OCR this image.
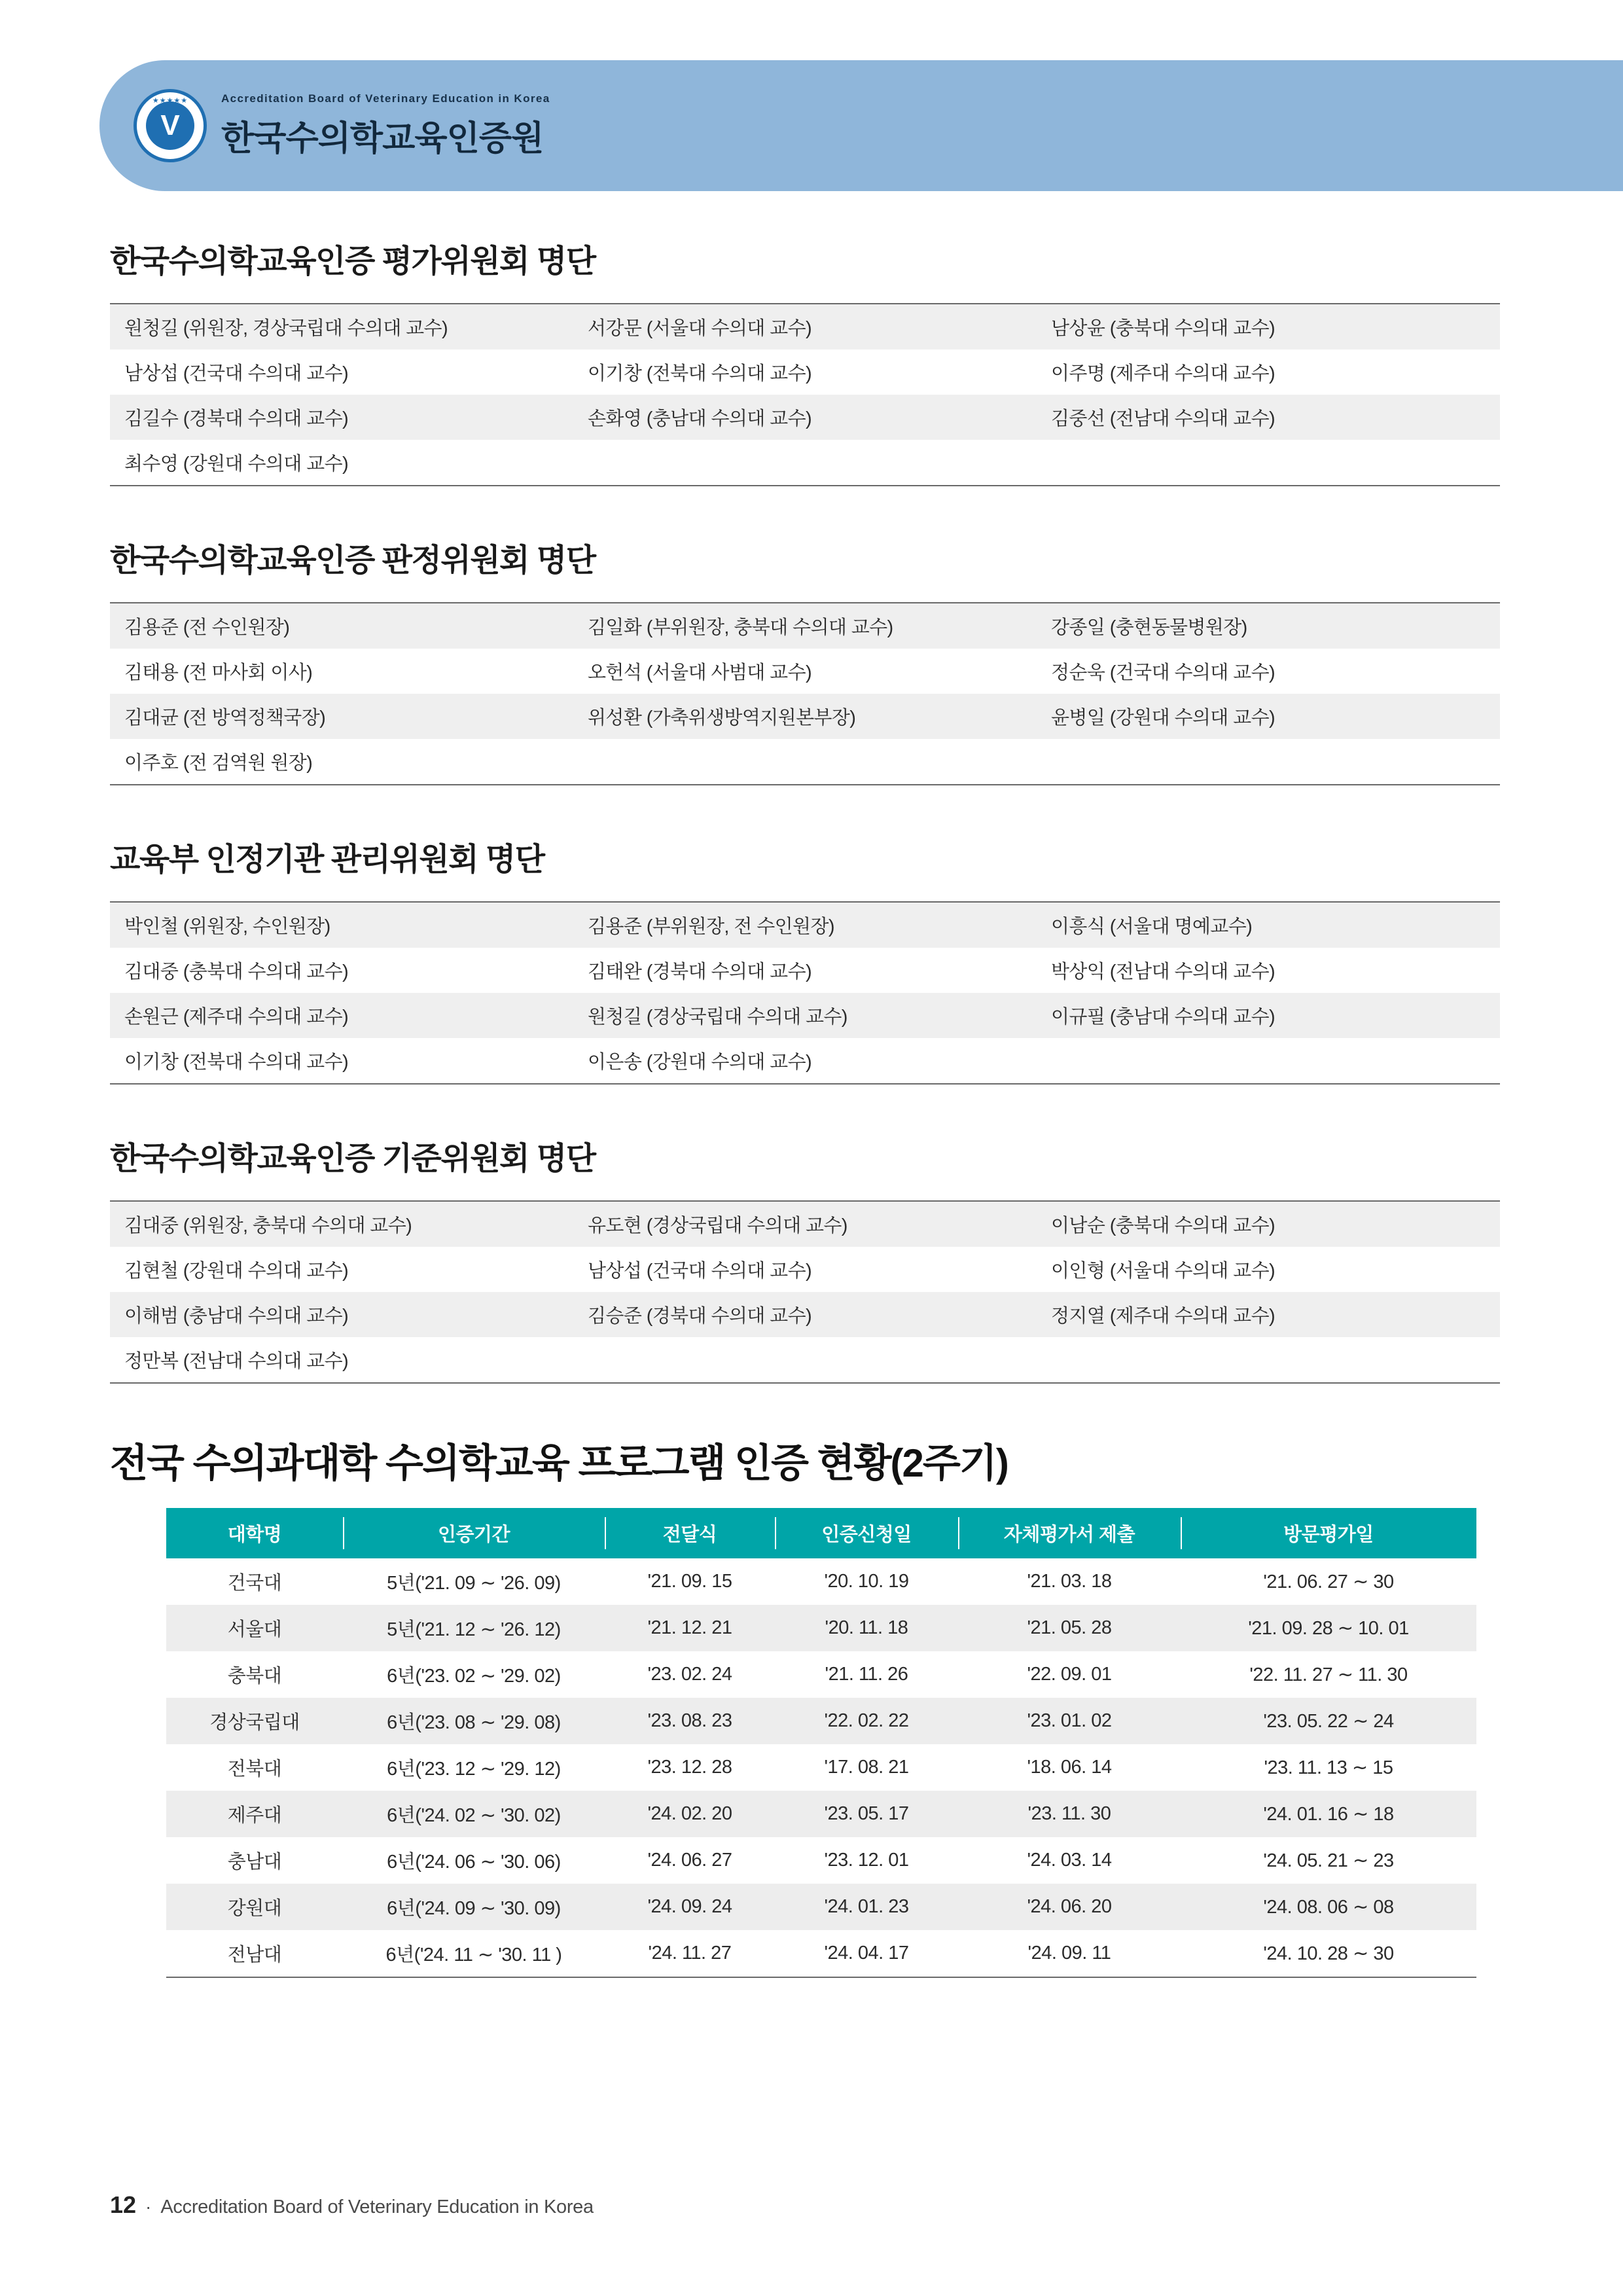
★★★★★
V
Accreditation Board of Veterinary Education in Korea
한국수의학교육인증원
한국수의학교육인증 평가위원회 명단
원청길 (위원장, 경상국립대 수의대 교수)	서강문 (서울대 수의대 교수)	남상윤 (충북대 수의대 교수)
남상섭 (건국대 수의대 교수)	이기창 (전북대 수의대 교수)	이주명 (제주대 수의대 교수)
김길수 (경북대 수의대 교수)	손화영 (충남대 수의대 교수)	김중선 (전남대 수의대 교수)
최수영 (강원대 수의대 교수)		
한국수의학교육인증 판정위원회 명단
김용준 (전 수인원장)	김일화 (부위원장, 충북대 수의대 교수)	강종일 (충현동물병원장)
김태용 (전 마사회 이사)	오헌석 (서울대 사범대 교수)	정순욱 (건국대 수의대 교수)
김대균 (전 방역정책국장)	위성환 (가축위생방역지원본부장)	윤병일 (강원대 수의대 교수)
이주호 (전 검역원 원장)		
교육부 인정기관 관리위원회 명단
박인철 (위원장, 수인원장)	김용준 (부위원장, 전 수인원장)	이흥식 (서울대 명예교수)
김대중 (충북대 수의대 교수)	김태완 (경북대 수의대 교수)	박상익 (전남대 수의대 교수)
손원근 (제주대 수의대 교수)	원청길 (경상국립대 수의대 교수)	이규필 (충남대 수의대 교수)
이기창 (전북대 수의대 교수)	이은송 (강원대 수의대 교수)	
한국수의학교육인증 기준위원회 명단
김대중 (위원장, 충북대 수의대 교수)	유도현 (경상국립대 수의대 교수)	이남순 (충북대 수의대 교수)
김현철 (강원대 수의대 교수)	남상섭 (건국대 수의대 교수)	이인형 (서울대 수의대 교수)
이해범 (충남대 수의대 교수)	김승준 (경북대 수의대 교수)	정지열 (제주대 수의대 교수)
정만복 (전남대 수의대 교수)		
전국 수의과대학 수의학교육 프로그램 인증 현황(2주기)
대학명	인증기간	전달식	인증신청일	자체평가서 제출	방문평가일
건국대	5년('21. 09 ∼ '26. 09)	'21. 09. 15	'20. 10. 19	'21. 03. 18	'21. 06. 27 ∼ 30
서울대	5년('21. 12 ∼ '26. 12)	'21. 12. 21	'20. 11. 18	'21. 05. 28	'21. 09. 28 ∼ 10. 01
충북대	6년('23. 02 ∼ '29. 02)	'23. 02. 24	'21. 11. 26	'22. 09. 01	'22. 11. 27 ∼ 11. 30
경상국립대	6년('23. 08 ∼ '29. 08)	'23. 08. 23	'22. 02. 22	'23. 01. 02	'23. 05. 22 ∼ 24
전북대	6년('23. 12 ∼ '29. 12)	'23. 12. 28	'17. 08. 21	'18. 06. 14	'23. 11. 13 ∼ 15
제주대	6년('24. 02 ∼ '30. 02)	'24. 02. 20	'23. 05. 17	'23. 11. 30	'24. 01. 16 ∼ 18
충남대	6년('24. 06 ∼ '30. 06)	'24. 06. 27	'23. 12. 01	'24. 03. 14	'24. 05. 21 ∼ 23
강원대	6년('24. 09 ∼ '30. 09)	'24. 09. 24	'24. 01. 23	'24. 06. 20	'24. 08. 06 ∼ 08
전남대	6년('24. 11 ∼ '30. 11 )	'24. 11. 27	'24. 04. 17	'24. 09. 11	'24. 10. 28 ∼ 30
12 · Accreditation Board of Veterinary Education in Korea
